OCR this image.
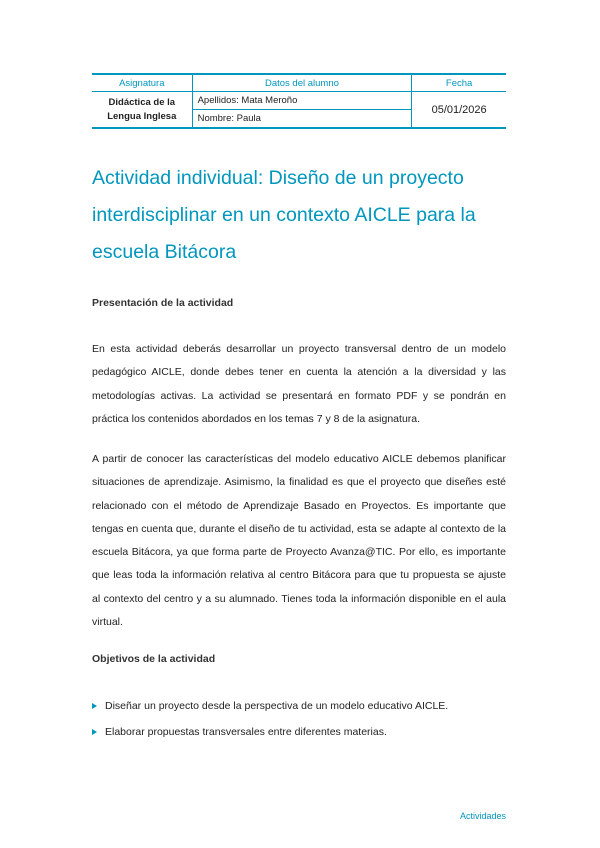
Asignatura	Datos del alumno	Fecha
Didáctica de la Lengua Inglesa	Apellidos: Mata Meroño	05/01/2026
	Nombre: Paula	
Actividad individual: Diseño de un proyecto interdisciplinar en un contexto AICLE para la escuela Bitácora

Presentación de la actividad

En esta actividad deberás desarrollar un proyecto transversal dentro de un modelo pedagógico AICLE, donde debes tener en cuenta la atención a la diversidad y las metodologías activas. La actividad se presentará en formato PDF y se pondrán en práctica los contenidos abordados en los temas 7 y 8 de la asignatura.

A partir de conocer las características del modelo educativo AICLE debemos planificar situaciones de aprendizaje. Asimismo, la finalidad es que el proyecto que diseñes esté relacionado con el método de Aprendizaje Basado en Proyectos. Es importante que tengas en cuenta que, durante el diseño de tu actividad, esta se adapte al contexto de la escuela Bitácora, ya que forma parte de Proyecto Avanza@TIC. Por ello, es importante que leas toda la información relativa al centro Bitácora para que tu propuesta se ajuste al contexto del centro y a su alumnado. Tienes toda la información disponible en el aula virtual.

Objetivos de la actividad

Diseñar un proyecto desde la perspectiva de un modelo educativo AICLE.
Elaborar propuestas transversales entre diferentes materias.
Actividades
